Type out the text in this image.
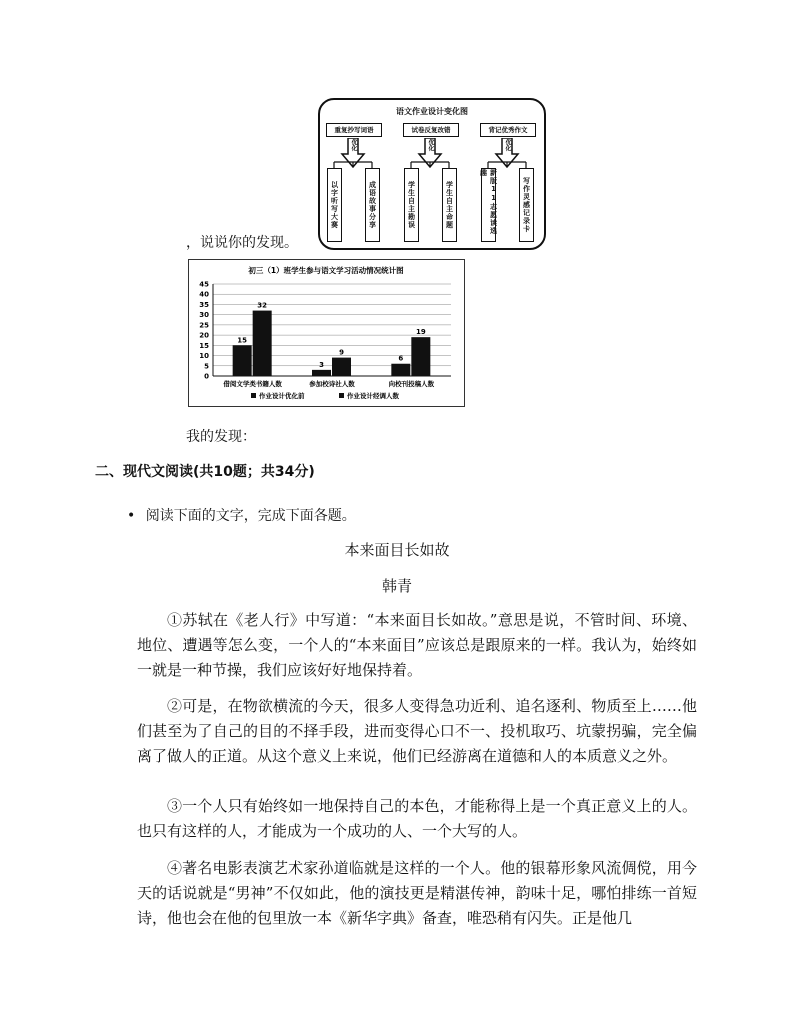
语文作业设计变化图
重复抄写词语	试卷反复改错	背记优秀作文
优化	优化	优化
以字听写大赛	成语故事分享	学生自主勘误	学生自主命题	新版11志愿读选趣
写作灵感记录卡
，说说你的发现。
初三（1）班学生参与语文学习活动情况统计图
0
5
10
15
20
25
30
35
40
45
15
32
借阅文学类书籍人数
3
9
参加校诗社人数
6
19
向校刊投稿人数
作业设计优化前	作业设计经调人数
我的发现：
二、现代文阅读(共10题；共34分)
• 阅读下面的文字，完成下面各题。
本来面目长如故
韩青
①苏轼在《老人行》中写道：“本来面目长如故。”意思是说，不管时间、环境、地位、遭遇等怎么变，一个人的“本来面目”应该总是跟原来的一样。我认为，始终如一就是一种节操，我们应该好好地保持着。
②可是，在物欲横流的今天，很多人变得急功近利、追名逐利、物质至上……他们甚至为了自己的目的不择手段，进而变得心口不一、投机取巧、坑蒙拐骗，完全偏离了做人的正道。从这个意义上来说，他们已经游离在道德和人的本质意义之外。
③一个人只有始终如一地保持自己的本色，才能称得上是一个真正意义上的人。也只有这样的人，才能成为一个成功的人、一个大写的人。
④著名电影表演艺术家孙道临就是这样的一个人。他的银幕形象风流倜傥，用今天的话说就是“男神”不仅如此，他的演技更是精湛传神，韵味十足，哪怕排练一首短诗，他也会在他的包里放一本《新华字典》备查，唯恐稍有闪失。正是他几
